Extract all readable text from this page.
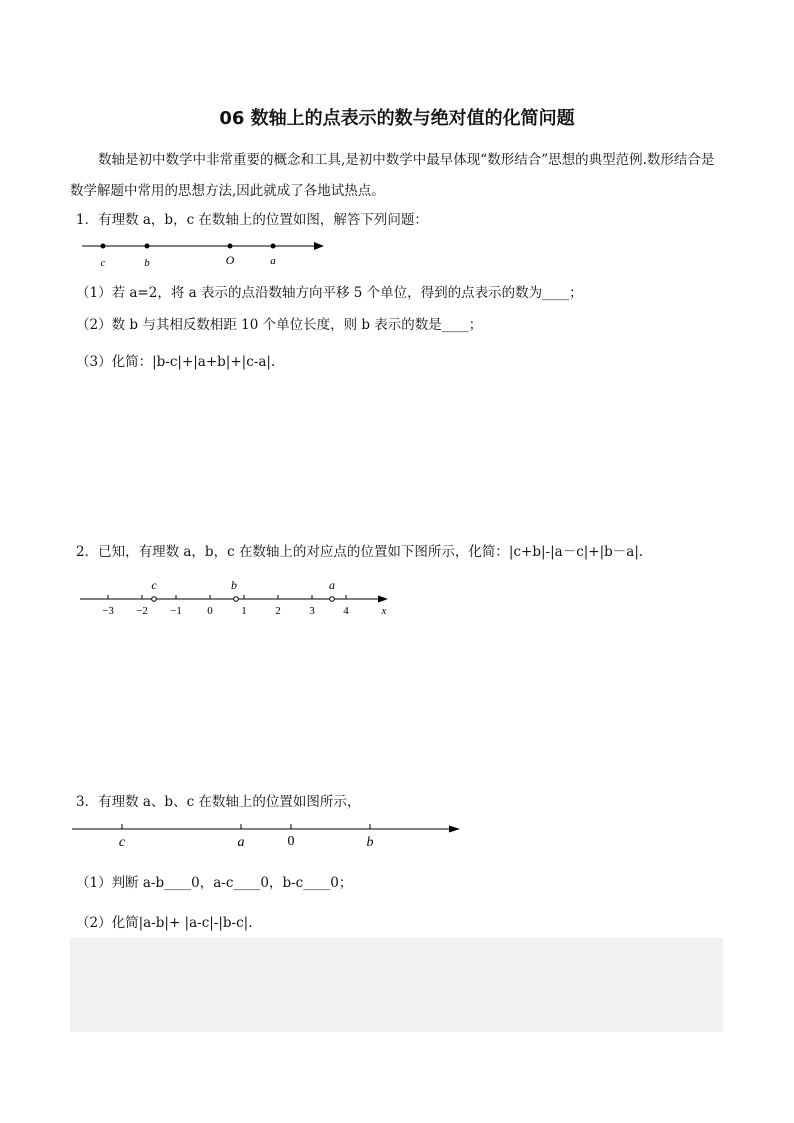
06 数轴上的点表示的数与绝对值的化简问题
数轴是初中数学中非常重要的概念和工具,是初中数学中最早体现“数形结合”思想的典型范例.数形结合是数学解题中常用的思想方法,因此就成了各地试热点。
1．有理数 a，b，c 在数轴上的位置如图，解答下列问题：
c	b	O	a
（1）若 a=2，将 a 表示的点沿数轴方向平移 5 个单位，得到的点表示的数为____；
（2）数 b 与其相反数相距 10 个单位长度，则 b 表示的数是____；
（3）化简：|b-c|+|a+b|+|c-a|.
2．已知，有理数 a，b，c 在数轴上的对应点的位置如下图所示，化简：|c+b|-|a－c|+|b－a|.
−3 −2 −1 0	1	2	3	4	x
c	b	a
3．有理数 a、b、c 在数轴上的位置如图所示，
c	a	0	b
（1）判断 a-b____0，a-c____0，b-c____0；
（2）化简|a-b|+ |a-c|-|b-c|.
